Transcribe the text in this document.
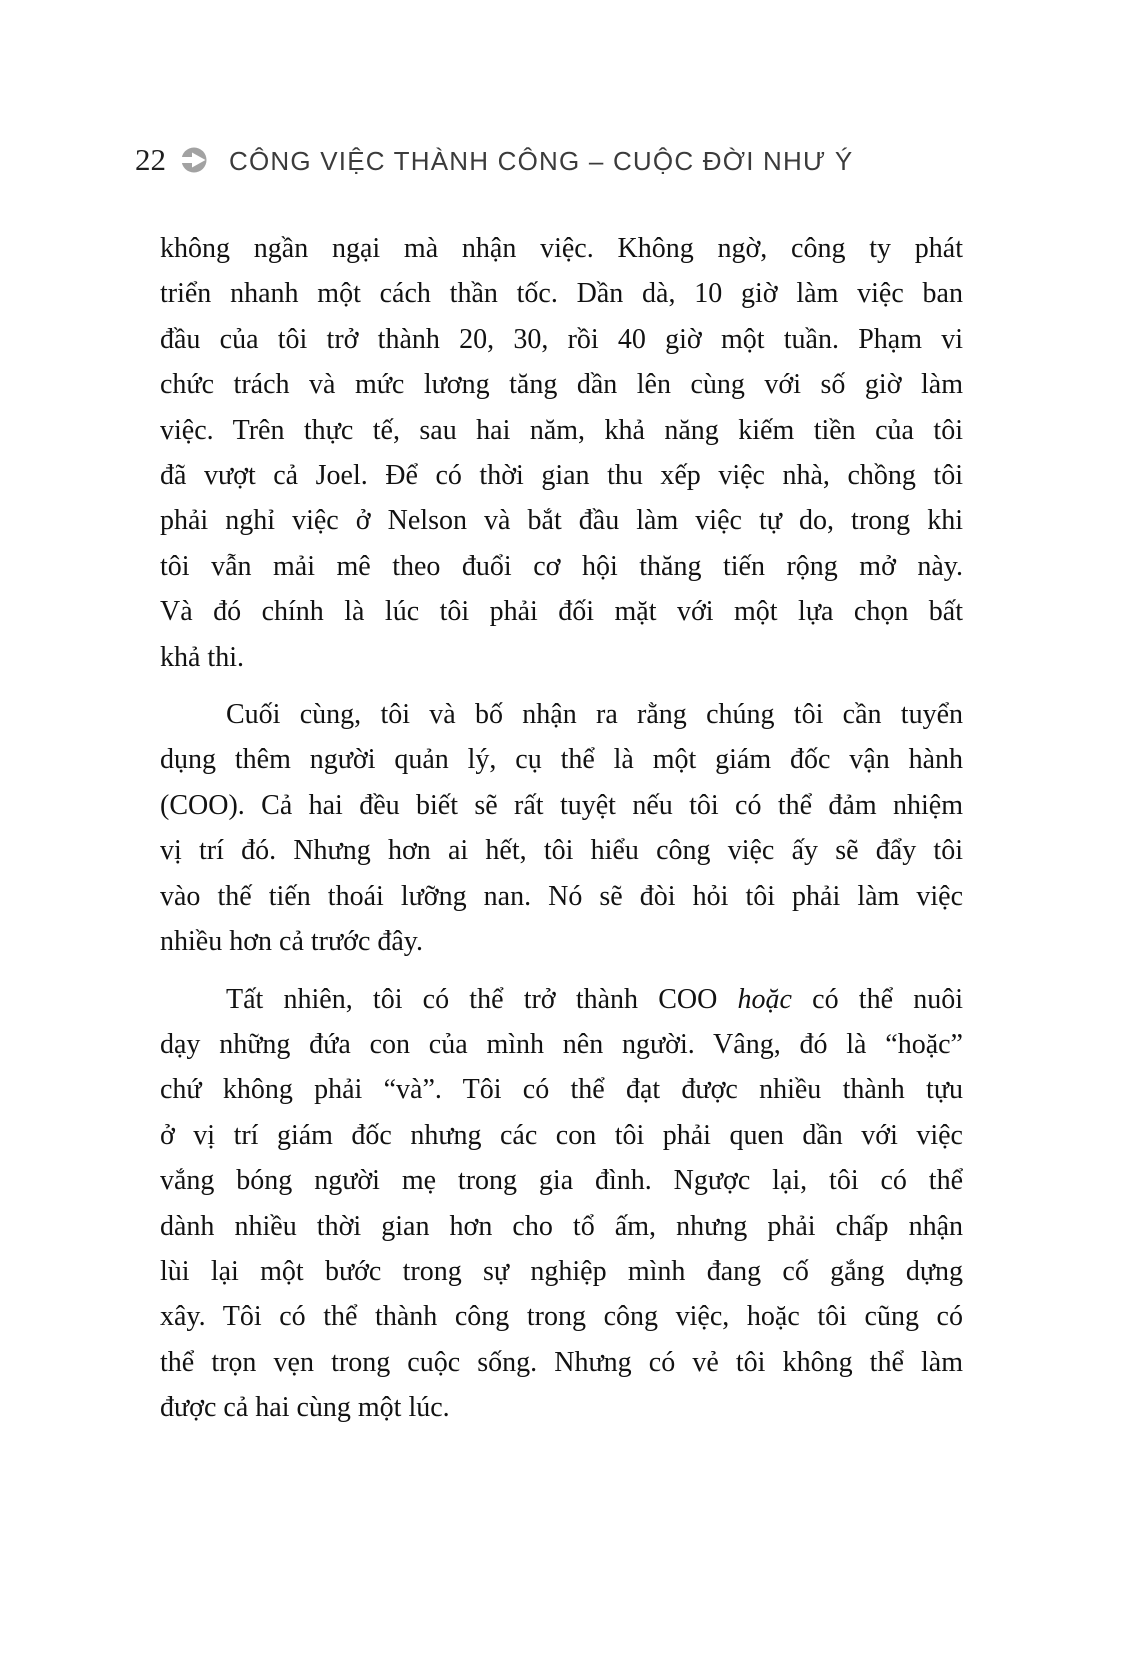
22 CÔNG VIỆC THÀNH CÔNG – CUỘC ĐỜI NHƯ Ý
không ngần ngại mà nhận việc. Không ngờ, công ty phát
triển nhanh một cách thần tốc. Dần dà, 10 giờ làm việc ban
đầu của tôi trở thành 20, 30, rồi 40 giờ một tuần. Phạm vi
chức trách và mức lương tăng dần lên cùng với số giờ làm
việc. Trên thực tế, sau hai năm, khả năng kiếm tiền của tôi
đã vượt cả Joel. Để có thời gian thu xếp việc nhà, chồng tôi
phải nghỉ việc ở Nelson và bắt đầu làm việc tự do, trong khi
tôi vẫn mải mê theo đuổi cơ hội thăng tiến rộng mở này.
Và đó chính là lúc tôi phải đối mặt với một lựa chọn bất
khả thi.
Cuối cùng, tôi và bố nhận ra rằng chúng tôi cần tuyển
dụng thêm người quản lý, cụ thể là một giám đốc vận hành
(COO). Cả hai đều biết sẽ rất tuyệt nếu tôi có thể đảm nhiệm
vị trí đó. Nhưng hơn ai hết, tôi hiểu công việc ấy sẽ đẩy tôi
vào thế tiến thoái lưỡng nan. Nó sẽ đòi hỏi tôi phải làm việc
nhiều hơn cả trước đây.
Tất nhiên, tôi có thể trở thành COO hoặc có thể nuôi
dạy những đứa con của mình nên người. Vâng, đó là “hoặc”
chứ không phải “và”. Tôi có thể đạt được nhiều thành tựu
ở vị trí giám đốc nhưng các con tôi phải quen dần với việc
vắng bóng người mẹ trong gia đình. Ngược lại, tôi có thể
dành nhiều thời gian hơn cho tổ ấm, nhưng phải chấp nhận
lùi lại một bước trong sự nghiệp mình đang cố gắng dựng
xây. Tôi có thể thành công trong công việc, hoặc tôi cũng có
thể trọn vẹn trong cuộc sống. Nhưng có vẻ tôi không thể làm
được cả hai cùng một lúc.
